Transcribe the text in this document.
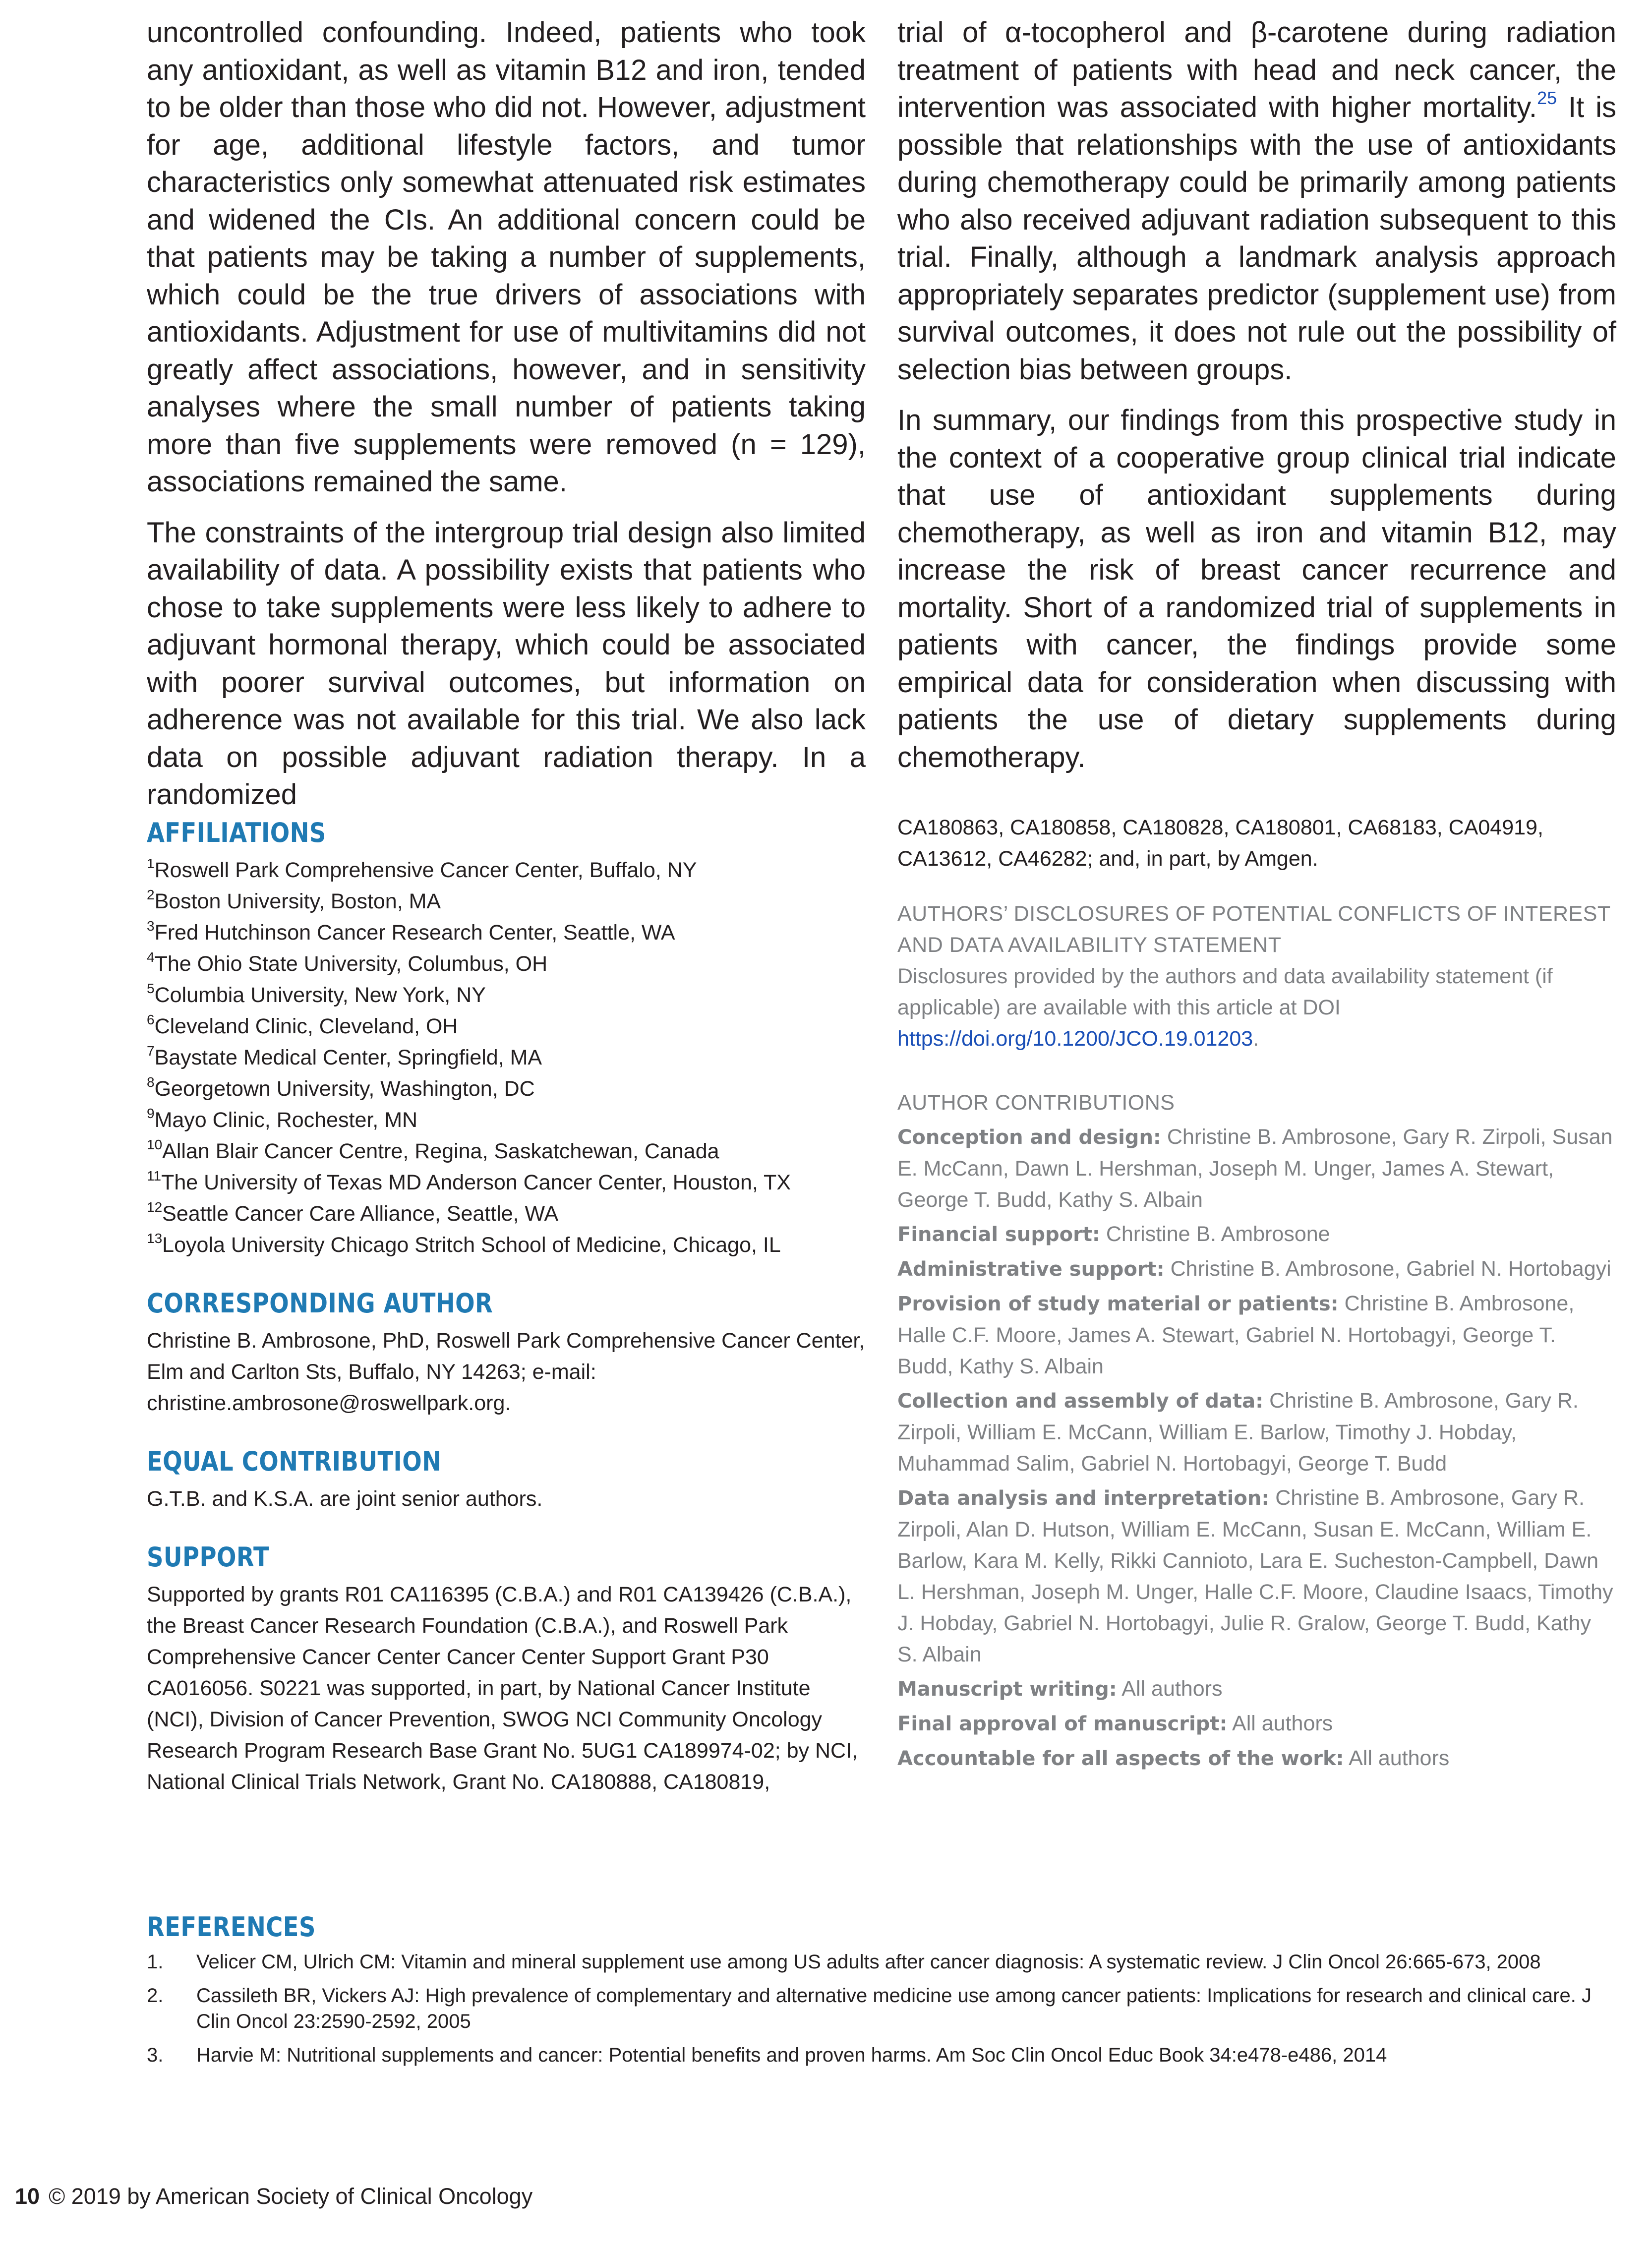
uncontrolled confounding. Indeed, patients who took any antioxidant, as well as vitamin B12 and iron, tended to be older than those who did not. However, adjustment for age, additional lifestyle factors, and tumor characteristics only somewhat attenuated risk estimates and widened the CIs. An additional concern could be that patients may be taking a number of supplements, which could be the true drivers of associations with antioxidants. Adjustment for use of multivitamins did not greatly affect associations, however, and in sensitivity analyses where the small number of patients taking more than five supplements were removed (n = 129), associations remained the same.

The constraints of the intergroup trial design also limited availability of data. A possibility exists that patients who chose to take supplements were less likely to adhere to adjuvant hormonal therapy, which could be associated with poorer survival outcomes, but information on adherence was not available for this trial. We also lack data on possible adjuvant radiation therapy. In a randomized

trial of α-tocopherol and β-carotene during radiation treatment of patients with head and neck cancer, the intervention was associated with higher mortality.$^{25}$ It is possible that relationships with the use of antioxidants during chemotherapy could be primarily among patients who also received adjuvant radiation subsequent to this trial. Finally, although a landmark analysis approach appropriately separates predictor (supplement use) from survival outcomes, it does not rule out the possibility of selection bias between groups.

In summary, our findings from this prospective study in the context of a cooperative group clinical trial indicate that use of antioxidant supplements during chemotherapy, as well as iron and vitamin B12, may increase the risk of breast cancer recurrence and mortality. Short of a randomized trial of supplements in patients with cancer, the findings provide some empirical data for consideration when discussing with patients the use of dietary supplements during chemotherapy.

AFFILIATIONS

$^1$Roswell Park Comprehensive Cancer Center, Buffalo, NY

$^2$Boston University, Boston, MA

$^3$Fred Hutchinson Cancer Research Center, Seattle, WA

$^4$The Ohio State University, Columbus, OH

$^5$Columbia University, New York, NY

$^6$Cleveland Clinic, Cleveland, OH

$^7$Baystate Medical Center, Springfield, MA

$^8$Georgetown University, Washington, DC

$^9$Mayo Clinic, Rochester, MN

$^{10}$Allan Blair Cancer Centre, Regina, Saskatchewan, Canada

$^{11}$The University of Texas MD Anderson Cancer Center, Houston, TX

$^{12}$Seattle Cancer Care Alliance, Seattle, WA

$^{13}$Loyola University Chicago Stritch School of Medicine, Chicago, IL

CORRESPONDING AUTHOR

Christine B. Ambrosone, PhD, Roswell Park Comprehensive Cancer Center, Elm and Carlton Sts, Buffalo, NY 14263; e-mail: christine.ambrosone@roswellpark.org.

EQUAL CONTRIBUTION

G.T.B. and K.S.A. are joint senior authors.

SUPPORT

Supported by grants R01 CA116395 (C.B.A.) and R01 CA139426 (C.B.A.), the Breast Cancer Research Foundation (C.B.A.), and Roswell Park Comprehensive Cancer Center Cancer Center Support Grant P30 CA016056. S0221 was supported, in part, by National Cancer Institute (NCI), Division of Cancer Prevention, SWOG NCI Community Oncology Research Program Research Base Grant No. 5UG1 CA189974-02; by NCI, National Clinical Trials Network, Grant No. CA180888, CA180819,

CA180863, CA180858, CA180828, CA180801, CA68183, CA04919, CA13612, CA46282; and, in part, by Amgen.

AUTHORS’ DISCLOSURES OF POTENTIAL CONFLICTS OF INTEREST AND DATA AVAILABILITY STATEMENT

Disclosures provided by the authors and data availability statement (if applicable) are available with this article at DOI https://doi.org/10.1200/JCO.19.01203.

AUTHOR CONTRIBUTIONS

Conception and design: Christine B. Ambrosone, Gary R. Zirpoli, Susan E. McCann, Dawn L. Hershman, Joseph M. Unger, James A. Stewart, George T. Budd, Kathy S. Albain

Financial support: Christine B. Ambrosone

Administrative support: Christine B. Ambrosone, Gabriel N. Hortobagyi

Provision of study material or patients: Christine B. Ambrosone, Halle C.F. Moore, James A. Stewart, Gabriel N. Hortobagyi, George T. Budd, Kathy S. Albain

Collection and assembly of data: Christine B. Ambrosone, Gary R. Zirpoli, William E. McCann, William E. Barlow, Timothy J. Hobday, Muhammad Salim, Gabriel N. Hortobagyi, George T. Budd

Data analysis and interpretation: Christine B. Ambrosone, Gary R. Zirpoli, Alan D. Hutson, William E. McCann, Susan E. McCann, William E. Barlow, Kara M. Kelly, Rikki Cannioto, Lara E. Sucheston-Campbell, Dawn L. Hershman, Joseph M. Unger, Halle C.F. Moore, Claudine Isaacs, Timothy J. Hobday, Gabriel N. Hortobagyi, Julie R. Gralow, George T. Budd, Kathy S. Albain

Manuscript writing: All authors

Final approval of manuscript: All authors

Accountable for all aspects of the work: All authors

REFERENCES
1. Velicer CM, Ulrich CM: Vitamin and mineral supplement use among US adults after cancer diagnosis: A systematic review. J Clin Oncol 26:665-673, 2008
2. Cassileth BR, Vickers AJ: High prevalence of complementary and alternative medicine use among cancer patients: Implications for research and clinical care. J Clin Oncol 23:2590-2592, 2005
3. Harvie M: Nutritional supplements and cancer: Potential benefits and proven harms. Am Soc Clin Oncol Educ Book 34:e478-e486, 2014
10 © 2019 by American Society of Clinical Oncology
